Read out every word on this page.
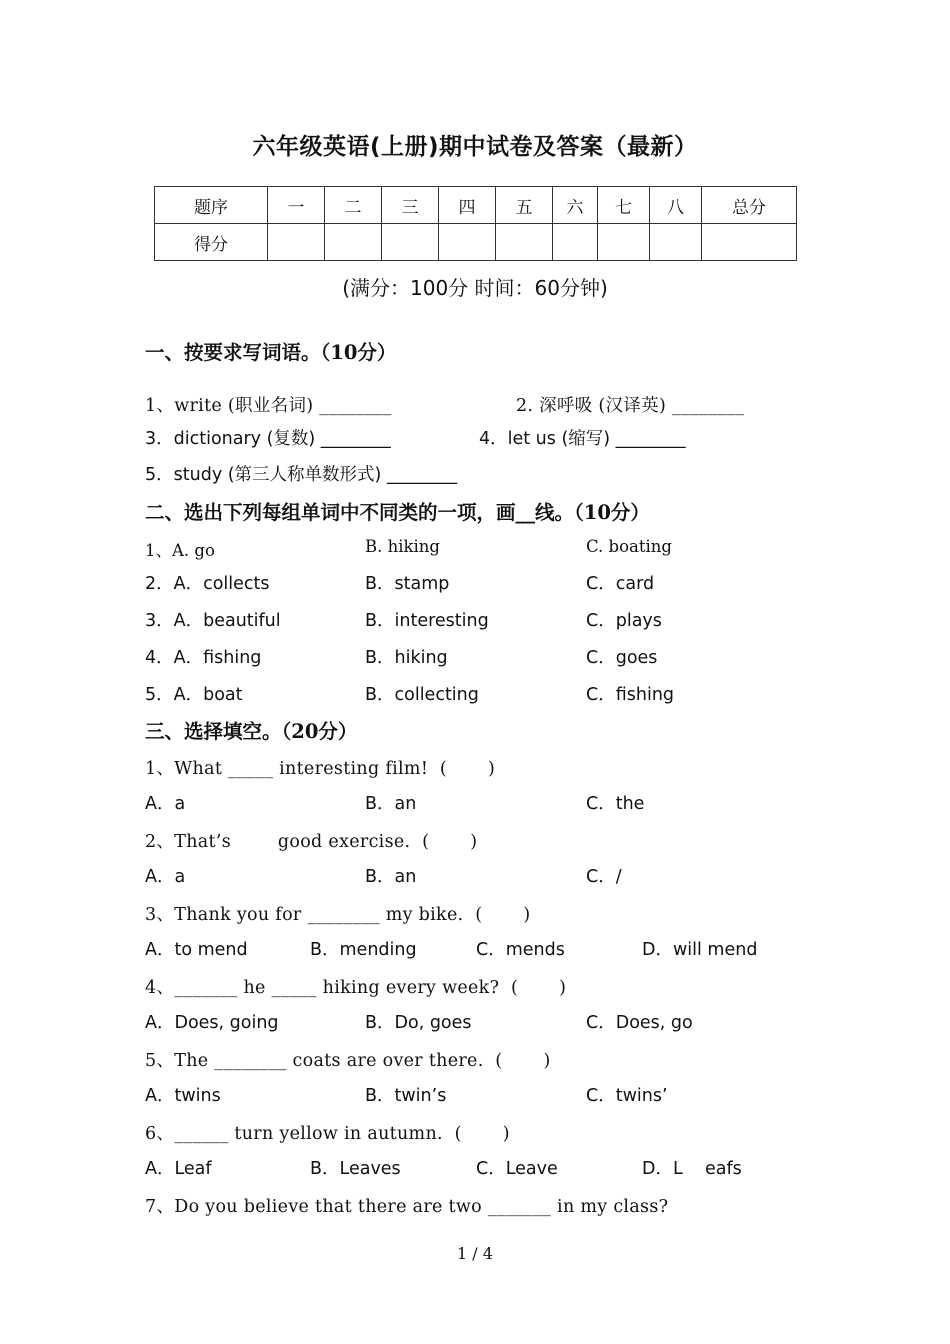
六年级英语(上册)期中试卷及答案（最新）
题序	一	二	三	四	五	六	七	八	总分
得分									
(满分：100分 时间：60分钟)
一、按要求写词语。（10分）
1、write (职业名词) ________	2. 深呼吸 (汉译英) ________
3．dictionary (复数) ________	4．let us (缩写) ________
5．study (第三人称单数形式) ________
二、选出下列每组单词中不同类的一项，画__线。（10分）
1、A. go	B. hiking	C. boating
2．A．collects	B．stamp	C．card
3．A．beautiful	B．interesting	C．plays
4．A．fishing	B．hiking	C．goes
5．A．boat	B．collecting	C．fishing
三、选择填空。（20分）
1、What _____ interesting film!  (       )
A．a	B．an	C．the
2、That’s        good exercise.  (       )
A．a	B．an	C．/
3、Thank you for ________ my bike.  (       )
A．to mend	B．mending	C．mends	D．will mend
4、_______ he _____ hiking every week?  (       )
A．Does, going	B．Do, goes	C．Does, go
5、The ________ coats are over there.  (       )
A．twins	B．twin’s	C．twins’
6、______ turn yellow in autumn.  (       )
A．Leaf	B．Leaves	C．Leave	D．L    eafs
7、Do you believe that there are two _______ in my class?
1 / 4
